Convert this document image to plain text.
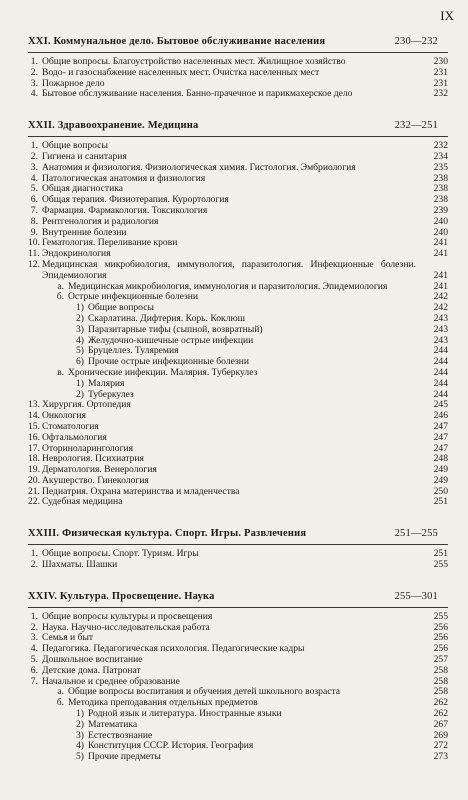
IX
XXI. Коммунальное дело. Бытовое обслуживание населения	230—232
1. Общие вопросы. Благоустройство населенных мест. Жилищное хозяйство	230
2. Водо- и газоснабжение населенных мест. Очистка населенных мест	231
3. Пожарное дело	231
4. Бытовое обслуживание населения. Банно-прачечное и парикмахерское дело	232
XXII. Здравоохранение. Медицина	232—251
1. Общие вопросы	232
2. Гигиена и санитария	234
3. Анатомия и физиология. Физиологическая химия. Гистология. Эмбриология	235
4. Патологическая анатомия и физиология	238
5. Общая диагностика	238
6. Общая терапия. Физиотерапия. Курортология	238
7. Фармация. Фармакология. Токсикология	239
8. Рентгенология и радиология	240
9. Внутренние болезни	240
10. Гематология. Переливание крови	241
11. Эндокринология	241
12. Медицинская микробиология, иммунология, паразитология. Инфекционные болезни. Эпидемиология	241
а. Медицинская микробиология, иммунология и паразитология. Эпидемиология	241
б. Острые инфекционные болезни	242
1) Общие вопросы	242
2) Скарлатина. Дифтерия. Корь. Коклюш	243
3) Паразитарные тифы (сыпной, возвратный)	243
4) Желудочно-кишечные острые инфекции	243
5) Бруцеллез. Туляремия	244
6) Прочие острые инфекционные болезни	244
в. Хронические инфекции. Малярия. Туберкулез	244
1) Малярия	244
2) Туберкулез	244
13. Хирургия. Ортопедия	245
14. Онкология	246
15. Стоматология	247
16. Офтальмология	247
17. Оториноларингология	247
18. Неврология. Психиатрия	248
19. Дерматология. Венерология	249
20. Акушерство. Гинекология	249
21. Педиатрия. Охрана материнства и младенчества	250
22. Судебная медицина	251
XXIII. Физическая культура. Спорт. Игры. Развлечения	251—255
1. Общие вопросы. Спорт. Туризм. Игры	251
2. Шахматы. Шашки	255
XXIV. Культура. Просвещение. Наука	255—301
1. Общие вопросы культуры и просвещения	255
2. Наука. Научно-исследовательская работа	256
3. Семья и быт	256
4. Педагогика. Педагогическая психология. Педагогические кадры	256
5. Дошкольное воспитание	257
6. Детские дома. Патронат	258
7. Начальное и среднее образование	258
а. Общие вопросы воспитания и обучения детей школьного возраста	258
б. Методика преподавания отдельных предметов	262
1) Родной язык и литература. Иностранные языки	262
2) Математика	267
3) Естествознание	269
4) Конституция СССР. История. География	272
5) Прочие предметы	273
